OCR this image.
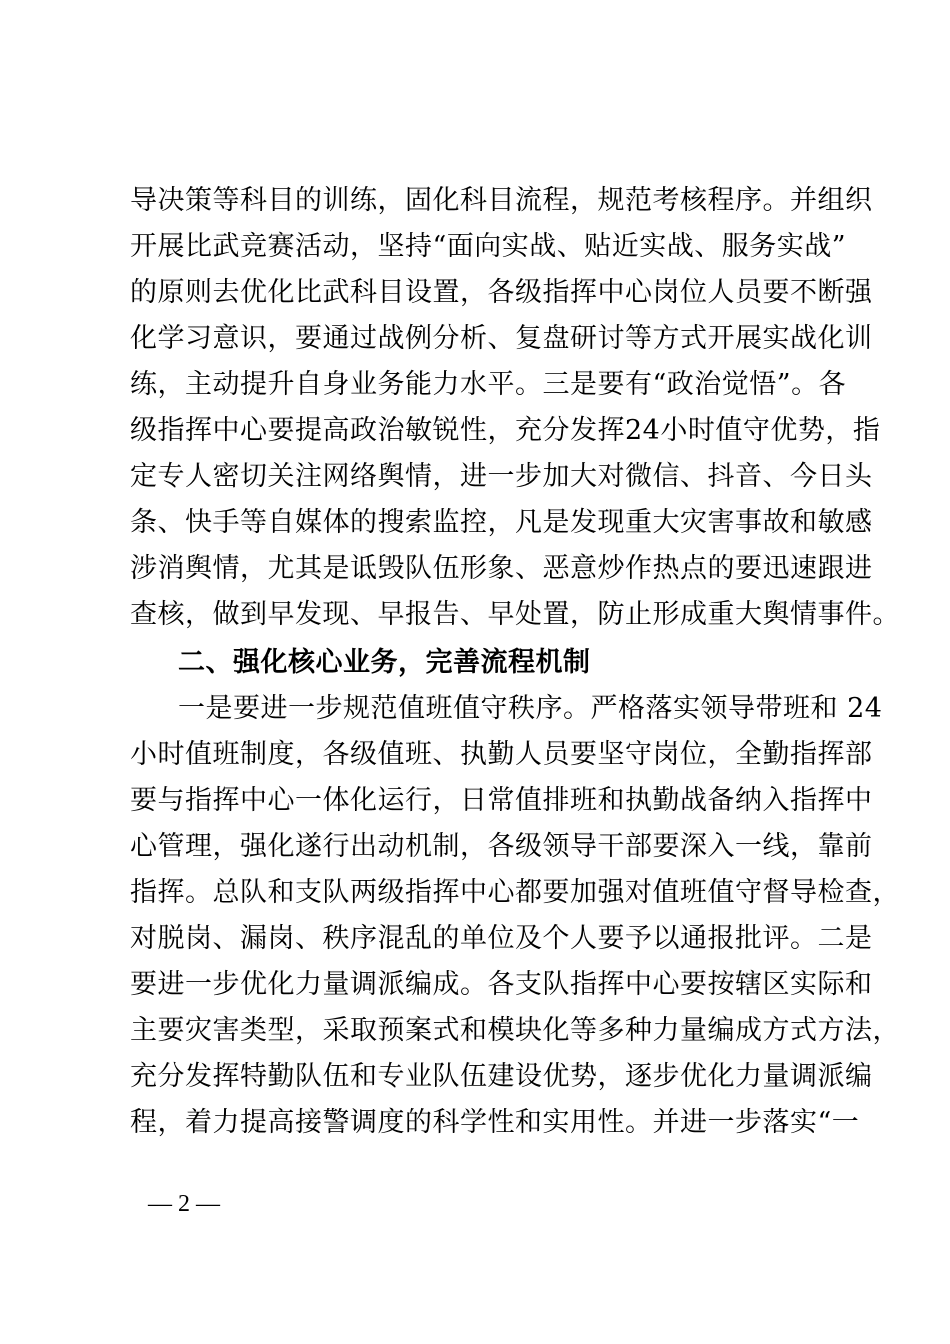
导决策等科目的训练，固化科目流程，规范考核程序。并组织
开展比武竞赛活动，坚持“面向实战、贴近实战、服务实战”
的原则去优化比武科目设置，各级指挥中心岗位人员要不断强
化学习意识，要通过战例分析、复盘研讨等方式开展实战化训
练，主动提升自身业务能力水平。三是要有“政治觉悟”。各
级指挥中心要提高政治敏锐性，充分发挥24小时值守优势，指
定专人密切关注网络舆情，进一步加大对微信、抖音、今日头
条、快手等自媒体的搜索监控，凡是发现重大灾害事故和敏感
涉消舆情，尤其是诋毁队伍形象、恶意炒作热点的要迅速跟进
查核，做到早发现、早报告、早处置，防止形成重大舆情事件。
二、强化核心业务，完善流程机制
一是要进一步规范值班值守秩序。严格落实领导带班和 24
小时值班制度，各级值班、执勤人员要坚守岗位，全勤指挥部
要与指挥中心一体化运行，日常值排班和执勤战备纳入指挥中
心管理，强化遂行出动机制，各级领导干部要深入一线，靠前
指挥。总队和支队两级指挥中心都要加强对值班值守督导检查，
对脱岗、漏岗、秩序混乱的单位及个人要予以通报批评。二是
要进一步优化力量调派编成。各支队指挥中心要按辖区实际和
主要灾害类型，采取预案式和模块化等多种力量编成方式方法，
充分发挥特勤队伍和专业队伍建设优势，逐步优化力量调派编
程，着力提高接警调度的科学性和实用性。并进一步落实“一
— 2 —
